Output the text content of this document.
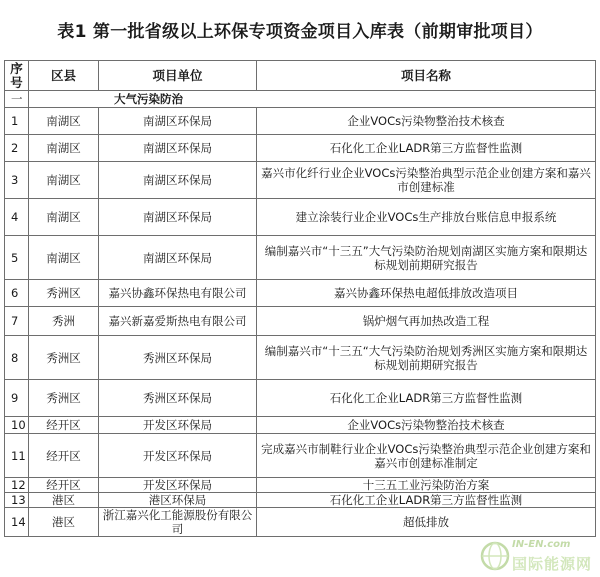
表1 第一批省级以上环保专项资金项目入库表（前期审批项目）
序号	区县	项目单位	项目名称
一	大气污染防治		
1	南湖区	南湖区环保局	企业VOCs污染物整治技术核查
2	南湖区	南湖区环保局	石化化工企业LADR第三方监督性监测
3	南湖区	南湖区环保局	嘉兴市化纤行业企业VOCs污染整治典型示范企业创建方案和嘉兴市创建标准
4	南湖区	南湖区环保局	建立涂装行业企业VOCs生产排放台账信息申报系统
5	南湖区	南湖区环保局	编制嘉兴市“十三五”大气污染防治规划南湖区实施方案和限期达标规划前期研究报告
6	秀洲区	嘉兴协鑫环保热电有限公司	嘉兴协鑫环保热电超低排放改造项目
7	秀洲	嘉兴新嘉爱斯热电有限公司	锅炉烟气再加热改造工程
8	秀洲区	秀洲区环保局	编制嘉兴市“十三五“大气污染防治规划秀洲区实施方案和限期达标规划前期研究报告
9	秀洲区	秀洲区环保局	石化化工企业LADR第三方监督性监测
10	经开区	开发区环保局	企业VOCs污染物整治技术核查
11	经开区	开发区环保局	完成嘉兴市制鞋行业企业VOCs污染整治典型示范企业创建方案和嘉兴市创建标准制定
12	经开区	开发区环保局	十三五工业污染防治方案
13	港区	港区环保局	石化化工企业LADR第三方监督性监测
14	港区	浙江嘉兴化工能源股份有限公司	超低排放
IN-EN.com
国际能源网
